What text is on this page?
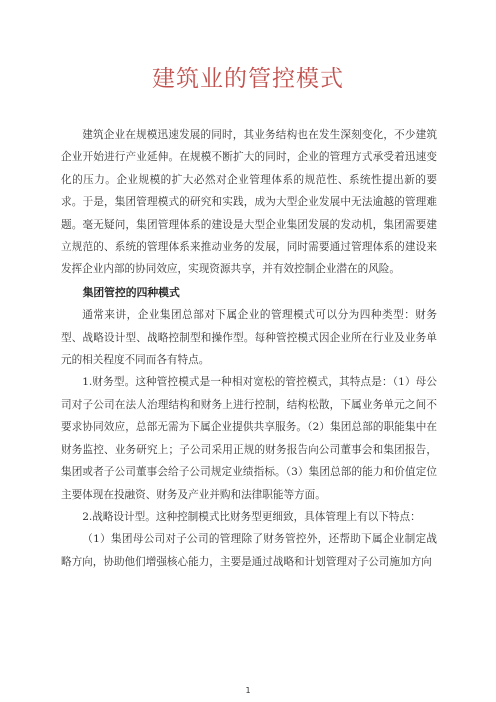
建筑业的管控模式

建筑企业在规模迅速发展的同时，其业务结构也在发生深刻变化，不少建筑企业开始进行产业延伸。在规模不断扩大的同时，企业的管理方式承受着迅速变化的压力。企业规模的扩大必然对企业管理体系的规范性、系统性提出新的要求。于是，集团管理模式的研究和实践，成为大型企业发展中无法逾越的管理难题。毫无疑问，集团管理体系的建设是大型企业集团发展的发动机，集团需要建立规范的、系统的管理体系来推动业务的发展，同时需要通过管理体系的建设来发挥企业内部的协同效应，实现资源共享，并有效控制企业潜在的风险。

集团管控的四种模式

通常来讲，企业集团总部对下属企业的管理模式可以分为四种类型：财务型、战略设计型、战略控制型和操作型。每种管控模式因企业所在行业及业务单元的相关程度不同而各有特点。

1.财务型。这种管控模式是一种相对宽松的管控模式，其特点是：（1）母公司对子公司在法人治理结构和财务上进行控制，结构松散，下属业务单元之间不要求协同效应，总部无需为下属企业提供共享服务。（2）集团总部的职能集中在财务监控、业务研究上；子公司采用正规的财务报告向公司董事会和集团报告，集团或者子公司董事会给子公司规定业绩指标。（3）集团总部的能力和价值定位主要体现在投融资、财务及产业并购和法律职能等方面。

2.战略设计型。这种控制模式比财务型更细致，具体管理上有以下特点：

（1）集团母公司对子公司的管理除了财务管控外，还帮助下属企业制定战略方向，协助他们增强核心能力，主要是通过战略和计划管理对子公司施加方向

1
